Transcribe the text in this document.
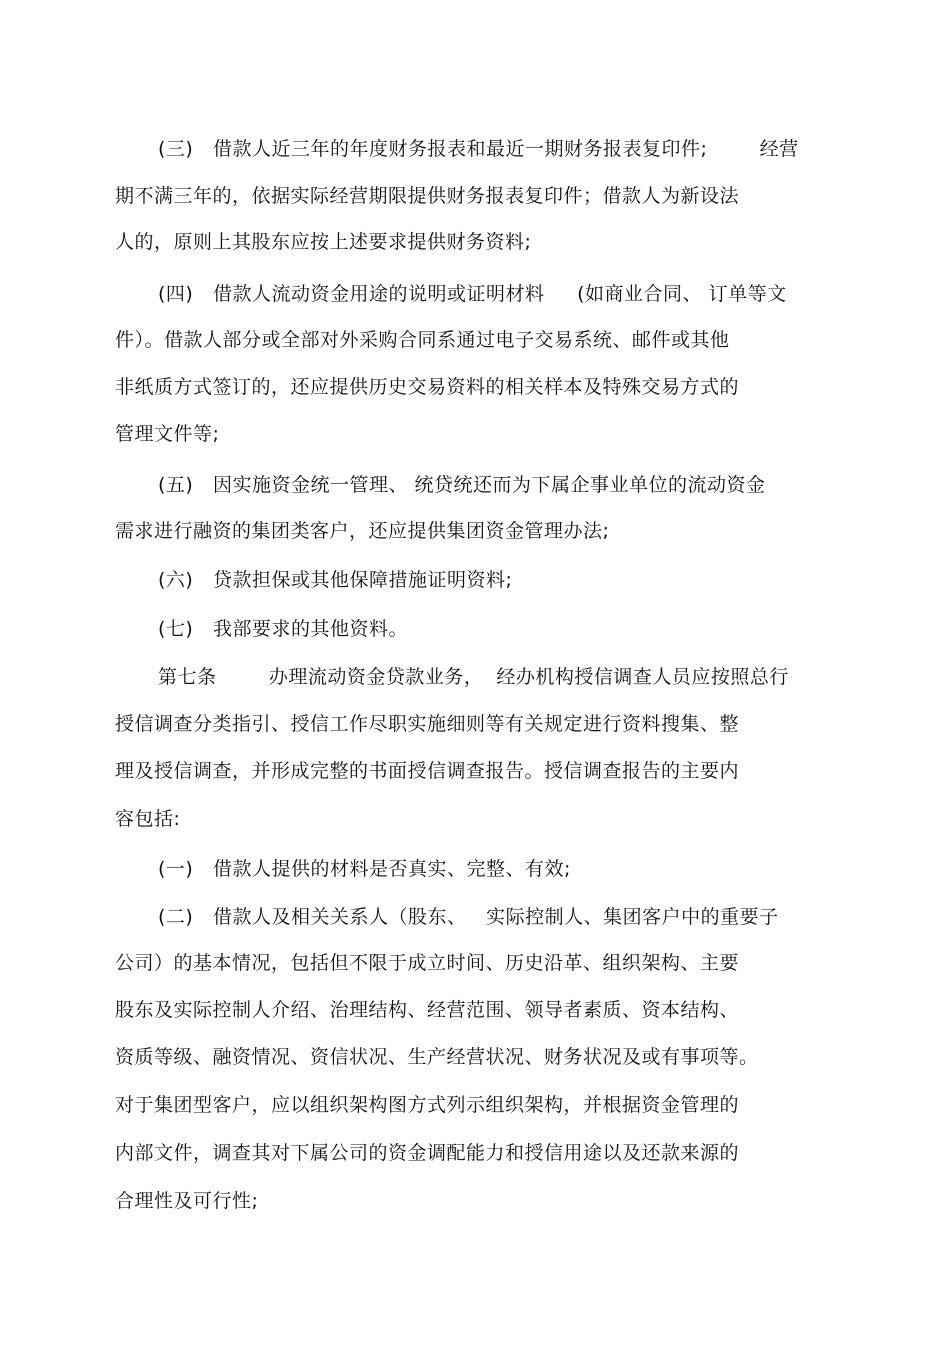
(三)   借款人近三年的年度财务报表和最近一期财务报表复印件;        经营
期不满三年的，依据实际经营期限提供财务报表复印件；借款人为新设法
人的，原则上其股东应按上述要求提供财务资料;
(四)   借款人流动资金用途的说明或证明材料     (如商业合同、 订单等文
件）。借款人部分或全部对外采购合同系通过电子交易系统、邮件或其他
非纸质方式签订的，还应提供历史交易资料的相关样本及特殊交易方式的
管理文件等;
(五)   因实施资金统一管理、 统贷统还而为下属企事业单位的流动资金
需求进行融资的集团类客户，还应提供集团资金管理办法;
(六)   贷款担保或其他保障措施证明资料;
(七)   我部要求的其他资料。
第七条        办理流动资金贷款业务，  经办机构授信调查人员应按照总行
授信调查分类指引、授信工作尽职实施细则等有关规定进行资料搜集、整
理及授信调查，并形成完整的书面授信调查报告。授信调查报告的主要内
容包括:
(一)   借款人提供的材料是否真实、完整、有效;
(二)   借款人及相关关系人（股东、   实际控制人、集团客户中的重要子
公司）的基本情况，包括但不限于成立时间、历史沿革、组织架构、主要
股东及实际控制人介绍、治理结构、经营范围、领导者素质、资本结构、
资质等级、融资情况、资信状况、生产经营状况、财务状况及或有事项等。
对于集团型客户，应以组织架构图方式列示组织架构，并根据资金管理的
内部文件，调查其对下属公司的资金调配能力和授信用途以及还款来源的
合理性及可行性;
